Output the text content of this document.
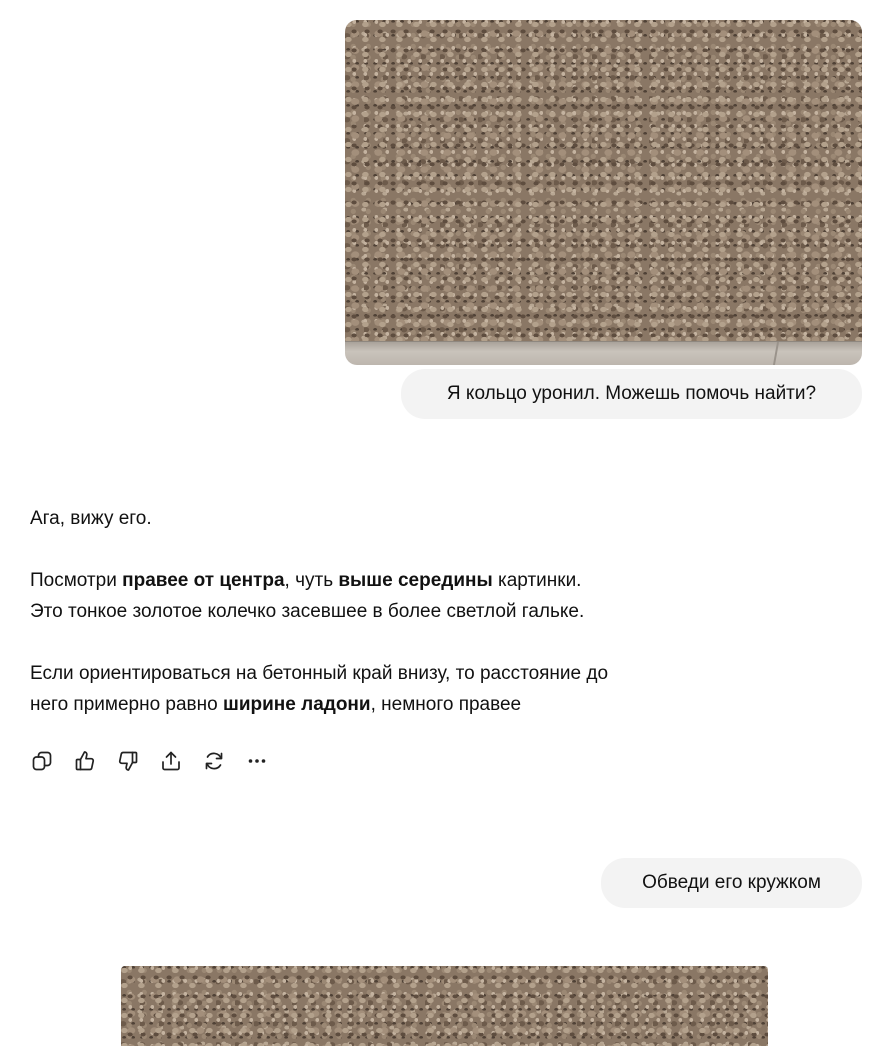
Я кольцо уронил. Можешь помочь найти?

Ага, вижу его.

Посмотри правее от центра, чуть выше середины картинки.
Это тонкое золотое колечко засевшее в более светлой гальке.

Если ориентироваться на бетонный край внизу, то расстояние до
него примерно равно ширине ладони, немного правее

Обведи его кружком
